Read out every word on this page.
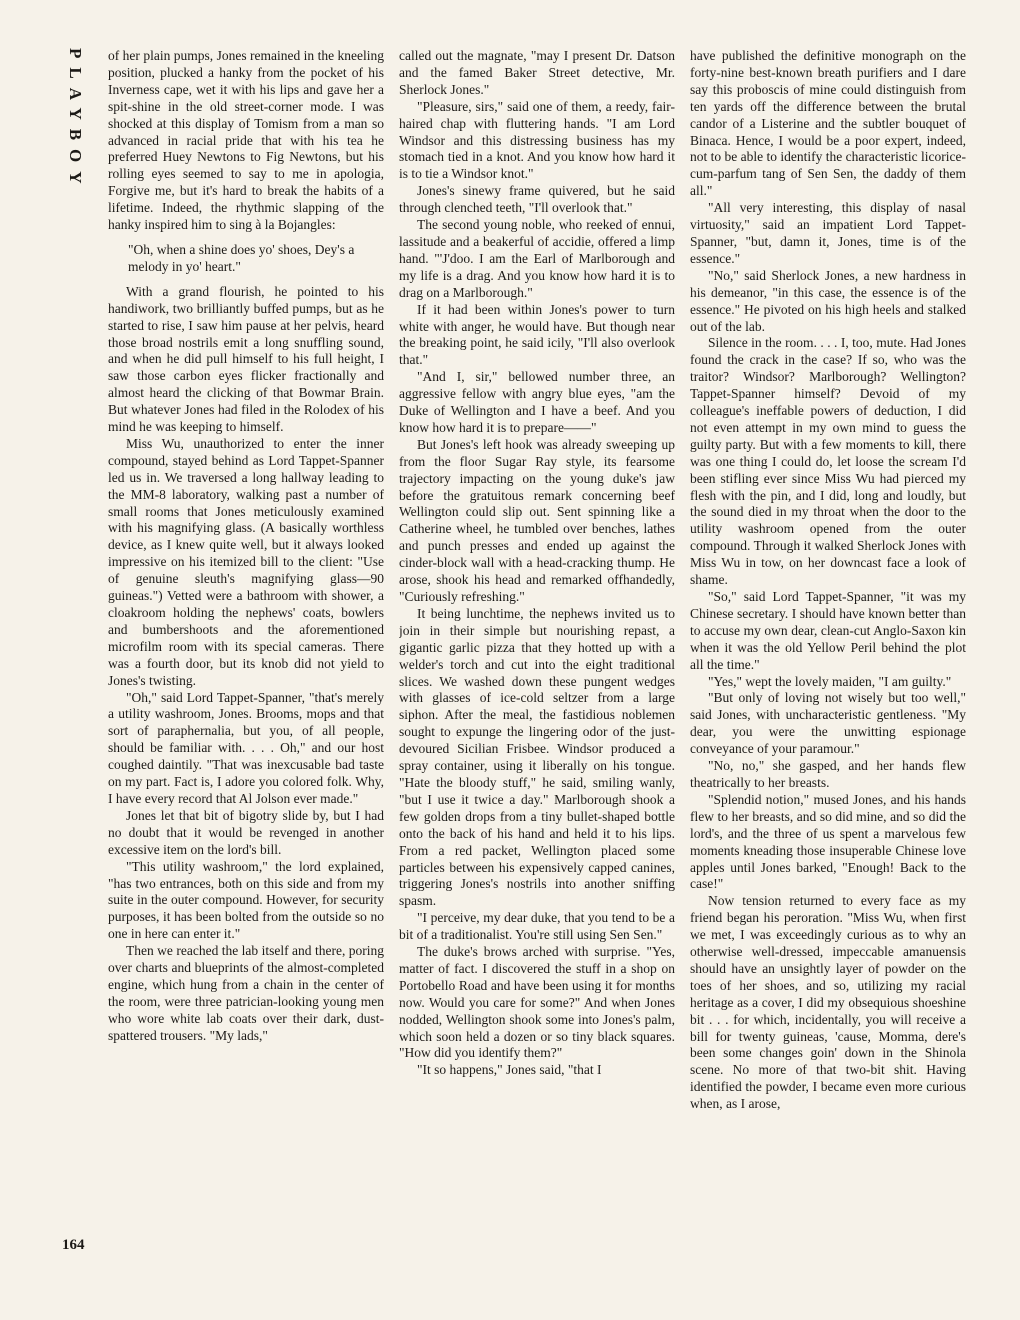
PLAYBOY	of her plain pumps, Jones remained in the kneeling position, plucked a hanky from the pocket of his Inverness cape, wet it with his lips and gave her a spit-shine in the old street-corner mode. I was shocked at this display of Tomism from a man so advanced in racial pride that with his tea he preferred Huey Newtons to Fig Newtons, but his rolling eyes seemed to say to me in apologia, Forgive me, but it's hard to break the habits of a lifetime. Indeed, the rhythmic slapping of the hanky inspired him to sing à la Bojangles:

"Oh, when a shine does yo' shoes, Dey's a melody in yo' heart."

With a grand flourish, he pointed to his handiwork, two brilliantly buffed pumps, but as he started to rise, I saw him pause at her pelvis, heard those broad nostrils emit a long snuffling sound, and when he did pull himself to his full height, I saw those carbon eyes flicker fractionally and almost heard the clicking of that Bowmar Brain. But whatever Jones had filed in the Rolodex of his mind he was keeping to himself.

Miss Wu, unauthorized to enter the inner compound, stayed behind as Lord Tappet-Spanner led us in. We traversed a long hallway leading to the MM-8 laboratory, walking past a number of small rooms that Jones meticulously examined with his magnifying glass. (A basically worthless device, as I knew quite well, but it always looked impressive on his itemized bill to the client: "Use of genuine sleuth's magnifying glass—90 guineas.") Vetted were a bathroom with shower, a cloakroom holding the nephews' coats, bowlers and bumbershoots and the aforementioned microfilm room with its special cameras. There was a fourth door, but its knob did not yield to Jones's twisting.

"Oh," said Lord Tappet-Spanner, "that's merely a utility washroom, Jones. Brooms, mops and that sort of paraphernalia, but you, of all people, should be familiar with. . . . Oh," and our host coughed daintily. "That was inexcusable bad taste on my part. Fact is, I adore you colored folk. Why, I have every record that Al Jolson ever made."

Jones let that bit of bigotry slide by, but I had no doubt that it would be revenged in another excessive item on the lord's bill.

"This utility washroom," the lord explained, "has two entrances, both on this side and from my suite in the outer compound. However, for security purposes, it has been bolted from the outside so no one in here can enter it."

Then we reached the lab itself and there, poring over charts and blueprints of the almost-completed engine, which hung from a chain in the center of the room, were three patrician-looking young men who wore white lab coats over their dark, dust-spattered trousers. "My lads,"

called out the magnate, "may I present Dr. Datson and the famed Baker Street detective, Mr. Sherlock Jones."

"Pleasure, sirs," said one of them, a reedy, fair-haired chap with fluttering hands. "I am Lord Windsor and this distressing business has my stomach tied in a knot. And you know how hard it is to tie a Windsor knot."

Jones's sinewy frame quivered, but he said through clenched teeth, "I'll overlook that."

The second young noble, who reeked of ennui, lassitude and a beakerful of accidie, offered a limp hand. "'J'doo. I am the Earl of Marlborough and my life is a drag. And you know how hard it is to drag on a Marlborough."

If it had been within Jones's power to turn white with anger, he would have. But though near the breaking point, he said icily, "I'll also overlook that."

"And I, sir," bellowed number three, an aggressive fellow with angry blue eyes, "am the Duke of Wellington and I have a beef. And you know how hard it is to prepare——"

But Jones's left hook was already sweeping up from the floor Sugar Ray style, its fearsome trajectory impacting on the young duke's jaw before the gratuitous remark concerning beef Wellington could slip out. Sent spinning like a Catherine wheel, he tumbled over benches, lathes and punch presses and ended up against the cinder-block wall with a head-cracking thump. He arose, shook his head and remarked offhandedly, "Curiously refreshing."

It being lunchtime, the nephews invited us to join in their simple but nourishing repast, a gigantic garlic pizza that they hotted up with a welder's torch and cut into the eight traditional slices. We washed down these pungent wedges with glasses of ice-cold seltzer from a large siphon. After the meal, the fastidious noblemen sought to expunge the lingering odor of the just-devoured Sicilian Frisbee. Windsor produced a spray container, using it liberally on his tongue. "Hate the bloody stuff," he said, smiling wanly, "but I use it twice a day." Marlborough shook a few golden drops from a tiny bullet-shaped bottle onto the back of his hand and held it to his lips. From a red packet, Wellington placed some particles between his expensively capped canines, triggering Jones's nostrils into another sniffing spasm.

"I perceive, my dear duke, that you tend to be a bit of a traditionalist. You're still using Sen Sen."

The duke's brows arched with surprise. "Yes, matter of fact. I discovered the stuff in a shop on Portobello Road and have been using it for months now. Would you care for some?" And when Jones nodded, Wellington shook some into Jones's palm, which soon held a dozen or so tiny black squares. "How did you identify them?"

"It so happens," Jones said, "that I

have published the definitive monograph on the forty-nine best-known breath purifiers and I dare say this proboscis of mine could distinguish from ten yards off the difference between the brutal candor of a Listerine and the subtler bouquet of Binaca. Hence, I would be a poor expert, indeed, not to be able to identify the characteristic licorice-cum-parfum tang of Sen Sen, the daddy of them all."

"All very interesting, this display of nasal virtuosity," said an impatient Lord Tappet-Spanner, "but, damn it, Jones, time is of the essence."

"No," said Sherlock Jones, a new hardness in his demeanor, "in this case, the essence is of the essence." He pivoted on his high heels and stalked out of the lab.

Silence in the room. . . . I, too, mute. Had Jones found the crack in the case? If so, who was the traitor? Windsor? Marlborough? Wellington? Tappet-Spanner himself? Devoid of my colleague's ineffable powers of deduction, I did not even attempt in my own mind to guess the guilty party. But with a few moments to kill, there was one thing I could do, let loose the scream I'd been stifling ever since Miss Wu had pierced my flesh with the pin, and I did, long and loudly, but the sound died in my throat when the door to the utility washroom opened from the outer compound. Through it walked Sherlock Jones with Miss Wu in tow, on her downcast face a look of shame.

"So," said Lord Tappet-Spanner, "it was my Chinese secretary. I should have known better than to accuse my own dear, clean-cut Anglo-Saxon kin when it was the old Yellow Peril behind the plot all the time."

"Yes," wept the lovely maiden, "I am guilty."

"But only of loving not wisely but too well," said Jones, with uncharacteristic gentleness. "My dear, you were the unwitting espionage conveyance of your paramour."

"No, no," she gasped, and her hands flew theatrically to her breasts.

"Splendid notion," mused Jones, and his hands flew to her breasts, and so did mine, and so did the lord's, and the three of us spent a marvelous few moments kneading those insuperable Chinese love apples until Jones barked, "Enough! Back to the case!"

Now tension returned to every face as my friend began his peroration. "Miss Wu, when first we met, I was exceedingly curious as to why an otherwise well-dressed, impeccable amanuensis should have an unsightly layer of powder on the toes of her shoes, and so, utilizing my racial heritage as a cover, I did my obsequious shoeshine bit . . . for which, incidentally, you will receive a bill for twenty guineas, 'cause, Momma, dere's been some changes goin' down in the Shinola scene. No more of that two-bit shit. Having identified the powder, I became even more curious when, as I arose,

164
